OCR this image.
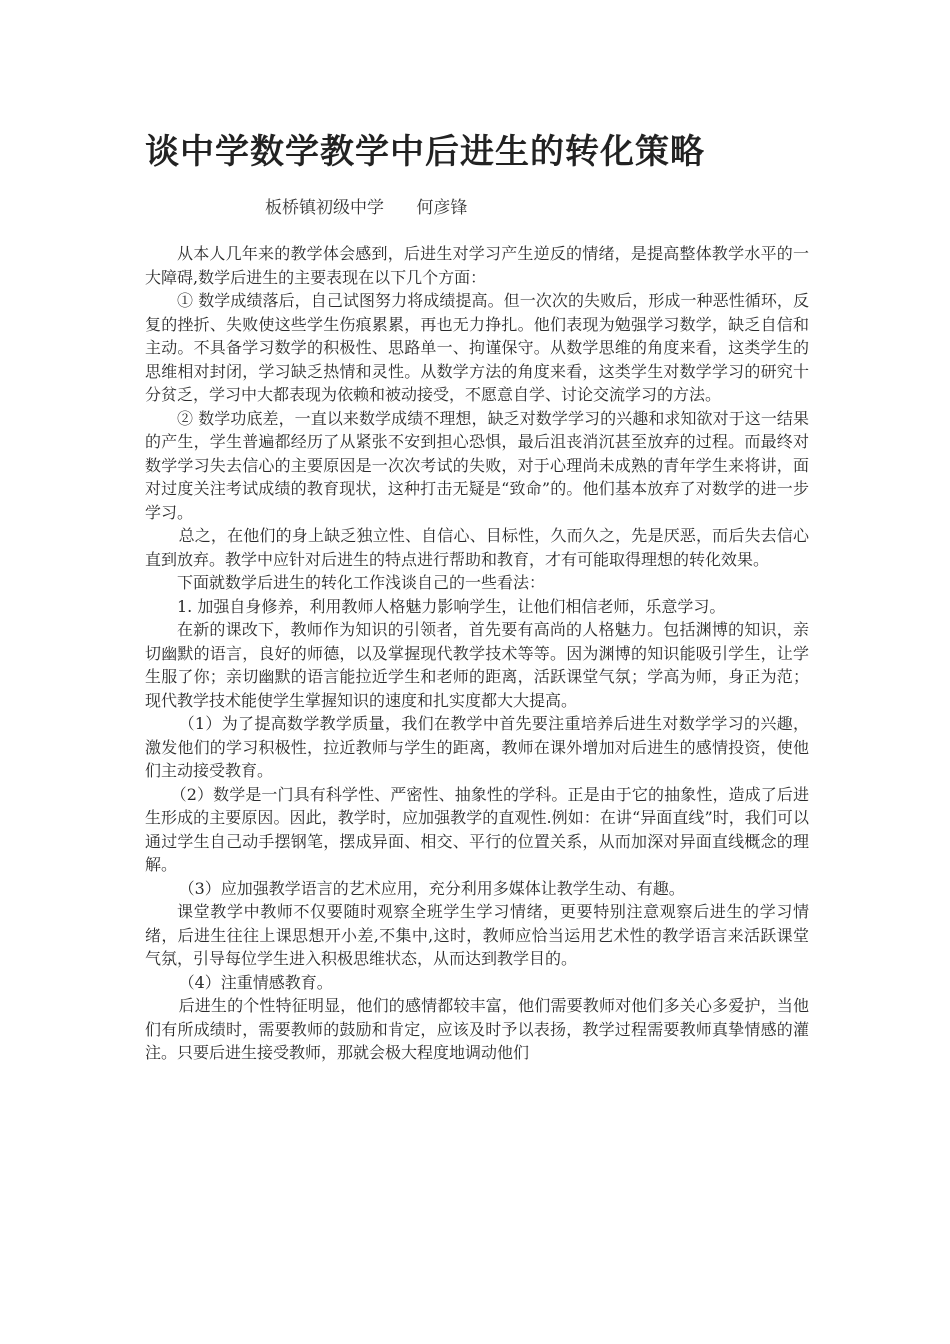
谈中学数学教学中后进生的转化策略
板桥镇初级中学      何彦锋

从本人几年来的教学体会感到，后进生对学习产生逆反的情绪，是提高整体教学水平的一大障碍,数学后进生的主要表现在以下几个方面：

① 数学成绩落后，自己试图努力将成绩提高。但一次次的失败后，形成一种恶性循环，反复的挫折、失败使这些学生伤痕累累，再也无力挣扎。他们表现为勉强学习数学，缺乏自信和主动。不具备学习数学的积极性、思路单一、拘谨保守。从数学思维的角度来看，这类学生的思维相对封闭，学习缺乏热情和灵性。从数学方法的角度来看，这类学生对数学学习的研究十分贫乏，学习中大都表现为依赖和被动接受，不愿意自学、讨论交流学习的方法。

② 数学功底差，一直以来数学成绩不理想，缺乏对数学学习的兴趣和求知欲对于这一结果的产生，学生普遍都经历了从紧张不安到担心恐惧，最后沮丧消沉甚至放弃的过程。而最终对数学学习失去信心的主要原因是一次次考试的失败，对于心理尚未成熟的青年学生来将讲，面对过度关注考试成绩的教育现状，这种打击无疑是“致命”的。他们基本放弃了对数学的进一步学习。

总之，在他们的身上缺乏独立性、自信心、目标性，久而久之，先是厌恶，而后失去信心直到放弃。教学中应针对后进生的特点进行帮助和教育，才有可能取得理想的转化效果。

下面就数学后进生的转化工作浅谈自己的一些看法：

1. 加强自身修养，利用教师人格魅力影响学生，让他们相信老师，乐意学习。

在新的课改下，教师作为知识的引领者，首先要有高尚的人格魅力。包括渊博的知识，亲切幽默的语言，良好的师德，以及掌握现代教学技术等等。因为渊博的知识能吸引学生，让学生服了你；亲切幽默的语言能拉近学生和老师的距离，活跃课堂气氛；学高为师，身正为范；现代教学技术能使学生掌握知识的速度和扎实度都大大提高。

（1）为了提高数学教学质量，我们在教学中首先要注重培养后进生对数学学习的兴趣，激发他们的学习积极性，拉近教师与学生的距离，教师在课外增加对后进生的感情投资，使他们主动接受教育。

（2）数学是一门具有科学性、严密性、抽象性的学科。正是由于它的抽象性，造成了后进生形成的主要原因。因此，教学时，应加强教学的直观性.例如：在讲“异面直线”时，我们可以通过学生自己动手摆钢笔，摆成异面、相交、平行的位置关系，从而加深对异面直线概念的理解。

（3）应加强教学语言的艺术应用，充分利用多媒体让教学生动、有趣。

课堂教学中教师不仅要随时观察全班学生学习情绪，更要特别注意观察后进生的学习情绪，后进生往往上课思想开小差,不集中,这时，教师应恰当运用艺术性的教学语言来活跃课堂气氛，引导每位学生进入积极思维状态，从而达到教学目的。

（4）注重情感教育。

后进生的个性特征明显，他们的感情都较丰富，他们需要教师对他们多关心多爱护，当他们有所成绩时，需要教师的鼓励和肯定，应该及时予以表扬，教学过程需要教师真挚情感的灌注。只要后进生接受教师，那就会极大程度地调动他们
